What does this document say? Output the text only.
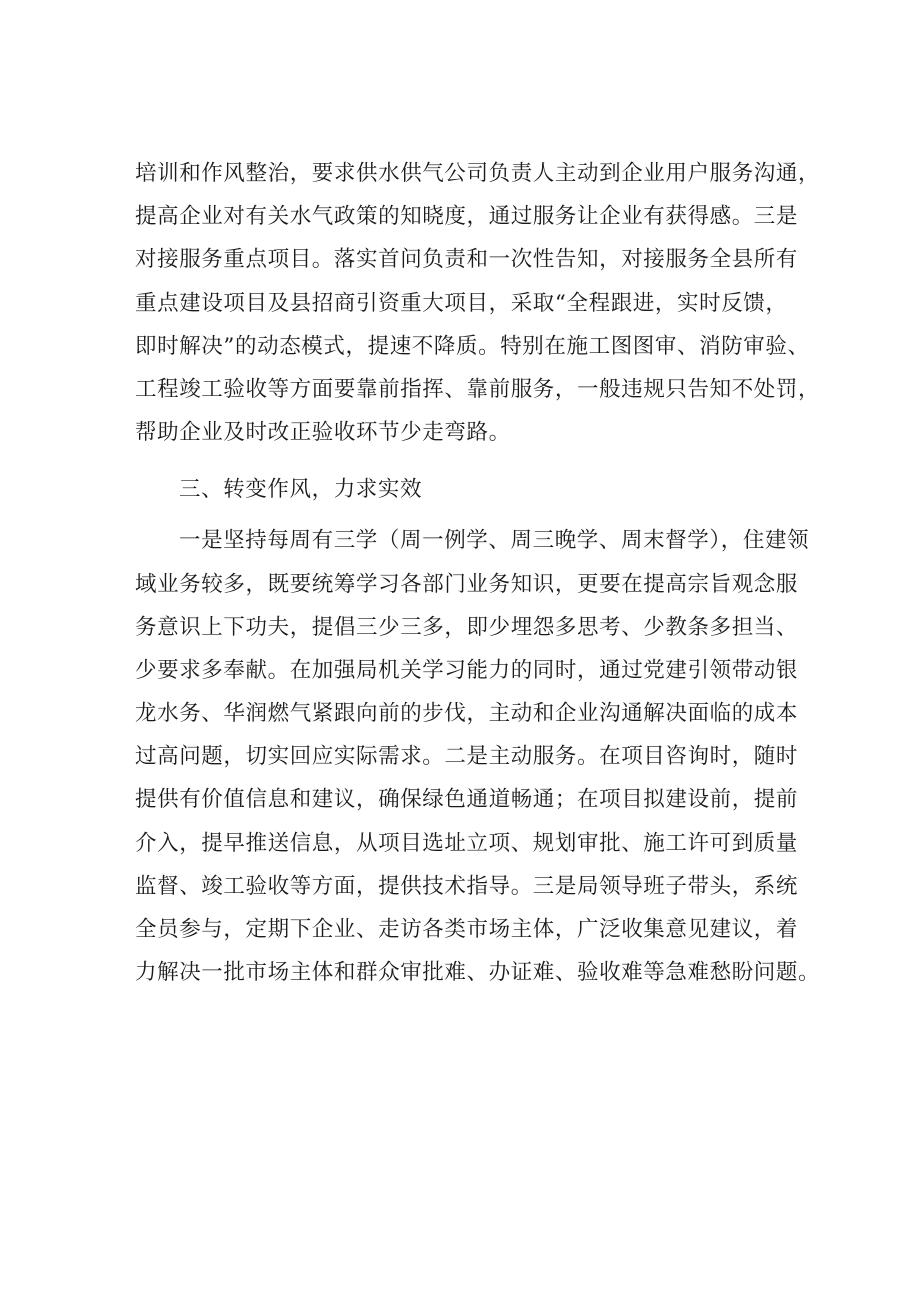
培训和作风整治，要求供水供气公司负责人主动到企业用户服务沟通，
提高企业对有关水气政策的知晓度，通过服务让企业有获得感。三是
对接服务重点项目。落实首问负责和一次性告知，对接服务全县所有
重点建设项目及县招商引资重大项目，采取“全程跟进，实时反馈，
即时解决”的动态模式，提速不降质。特别在施工图图审、消防审验、
工程竣工验收等方面要靠前指挥、靠前服务，一般违规只告知不处罚，
帮助企业及时改正验收环节少走弯路。

三、转变作风，力求实效

一是坚持每周有三学（周一例学、周三晚学、周末督学），住建领
域业务较多，既要统筹学习各部门业务知识，更要在提高宗旨观念服
务意识上下功夫，提倡三少三多，即少埋怨多思考、少教条多担当、
少要求多奉献。在加强局机关学习能力的同时，通过党建引领带动银
龙水务、华润燃气紧跟向前的步伐，主动和企业沟通解决面临的成本
过高问题，切实回应实际需求。二是主动服务。在项目咨询时，随时
提供有价值信息和建议，确保绿色通道畅通；在项目拟建设前，提前
介入，提早推送信息，从项目选址立项、规划审批、施工许可到质量
监督、竣工验收等方面，提供技术指导。三是局领导班子带头，系统
全员参与，定期下企业、走访各类市场主体，广泛收集意见建议，着
力解决一批市场主体和群众审批难、办证难、验收难等急难愁盼问题。
